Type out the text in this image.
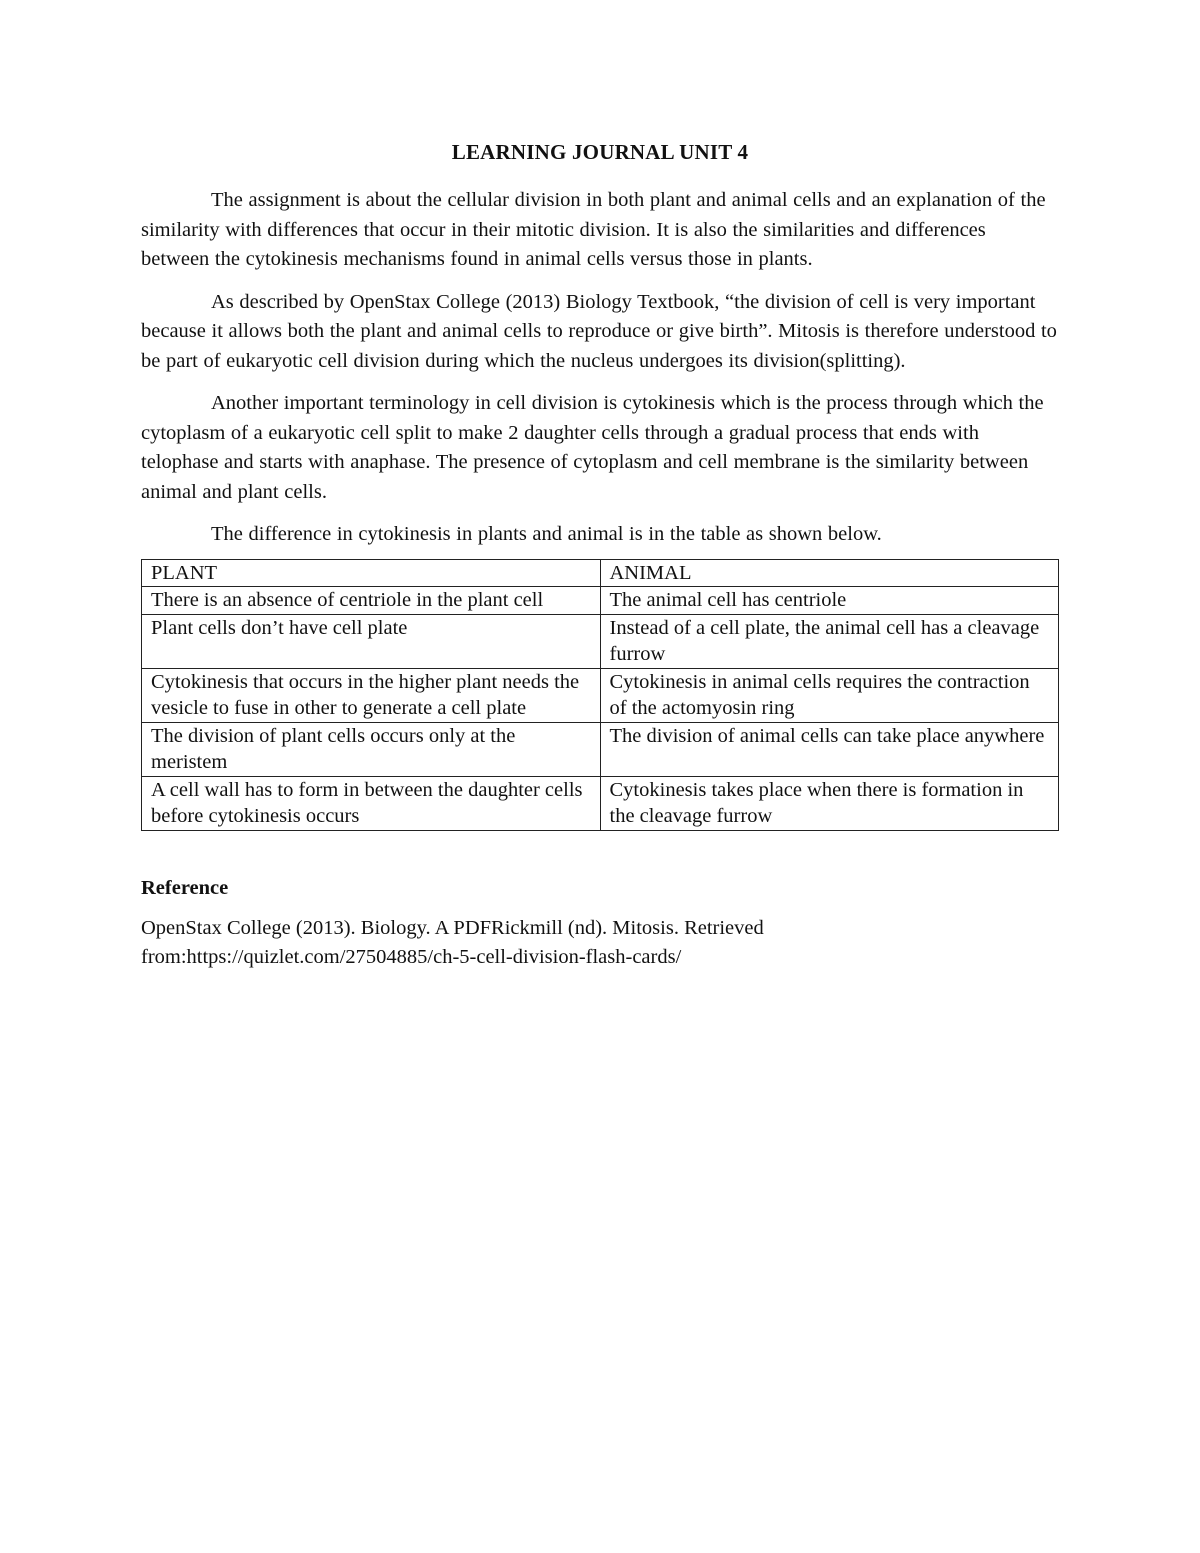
LEARNING JOURNAL UNIT 4

The assignment is about the cellular division in both plant and animal cells and an explanation of the similarity with differences that occur in their mitotic division. It is also the similarities and differences between the cytokinesis mechanisms found in animal cells versus those in plants.

As described by OpenStax College (2013) Biology Textbook, “the division of cell is very important because it allows both the plant and animal cells to reproduce or give birth”. Mitosis is therefore understood to be part of eukaryotic cell division during which the nucleus undergoes its division(splitting).

Another important terminology in cell division is cytokinesis which is the process through which the cytoplasm of a eukaryotic cell split to make 2 daughter cells through a gradual process that ends with telophase and starts with anaphase. The presence of cytoplasm and cell membrane is the similarity between animal and plant cells.

The difference in cytokinesis in plants and animal is in the table as shown below.

PLANT	ANIMAL
There is an absence of centriole in the plant cell	The animal cell has centriole
Plant cells don’t have cell plate	Instead of a cell plate, the animal cell has a cleavage furrow
Cytokinesis that occurs in the higher plant needs the vesicle to fuse in other to generate a cell plate	Cytokinesis in animal cells requires the contraction of the actomyosin ring
The division of plant cells occurs only at the meristem	The division of animal cells can take place anywhere
A cell wall has to form in between the daughter cells before cytokinesis occurs	Cytokinesis takes place when there is formation in the cleavage furrow
Reference

OpenStax College (2013). Biology. A PDFRickmill (nd). Mitosis. Retrieved from:https://quizlet.com/27504885/ch-5-cell-division-flash-cards/
